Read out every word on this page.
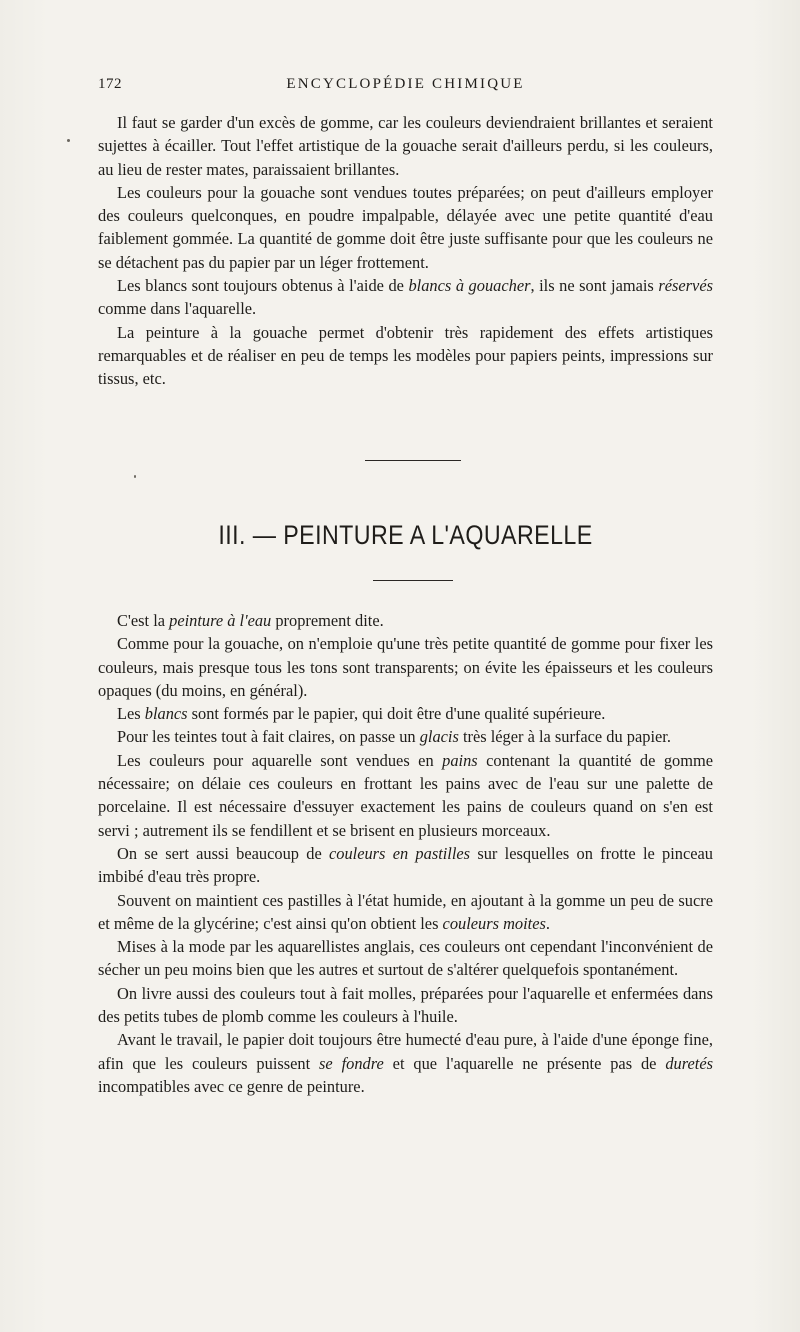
172	ENCYCLOPÉDIE CHIMIQUE

Il faut se garder d'un excès de gomme, car les couleurs deviendraient brillantes et seraient sujettes à écailler. Tout l'effet artistique de la gouache serait d'ailleurs perdu, si les couleurs, au lieu de rester mates, paraissaient brillantes.

Les couleurs pour la gouache sont vendues toutes préparées; on peut d'ailleurs employer des couleurs quelconques, en poudre impalpable, délayée avec une petite quantité d'eau faiblement gommée. La quantité de gomme doit être juste suffisante pour que les couleurs ne se détachent pas du papier par un léger frottement.

Les blancs sont toujours obtenus à l'aide de blancs à gouacher, ils ne sont jamais réservés comme dans l'aquarelle.

La peinture à la gouache permet d'obtenir très rapidement des effets artistiques remarquables et de réaliser en peu de temps les modèles pour papiers peints, impressions sur tissus, etc.

III. — PEINTURE A L'AQUARELLE

C'est la peinture à l'eau proprement dite.

Comme pour la gouache, on n'emploie qu'une très petite quantité de gomme pour fixer les couleurs, mais presque tous les tons sont transparents; on évite les épaisseurs et les couleurs opaques (du moins, en général).

Les blancs sont formés par le papier, qui doit être d'une qualité supérieure.

Pour les teintes tout à fait claires, on passe un glacis très léger à la surface du papier.

Les couleurs pour aquarelle sont vendues en pains contenant la quantité de gomme nécessaire; on délaie ces couleurs en frottant les pains avec de l'eau sur une palette de porcelaine. Il est nécessaire d'essuyer exactement les pains de couleurs quand on s'en est servi ; autrement ils se fendillent et se brisent en plusieurs morceaux.

On se sert aussi beaucoup de couleurs en pastilles sur lesquelles on frotte le pinceau imbibé d'eau très propre.

Souvent on maintient ces pastilles à l'état humide, en ajoutant à la gomme un peu de sucre et même de la glycérine; c'est ainsi qu'on obtient les couleurs moites.

Mises à la mode par les aquarellistes anglais, ces couleurs ont cependant l'inconvénient de sécher un peu moins bien que les autres et surtout de s'altérer quelquefois spontanément.

On livre aussi des couleurs tout à fait molles, préparées pour l'aquarelle et enfermées dans des petits tubes de plomb comme les couleurs à l'huile.

Avant le travail, le papier doit toujours être humecté d'eau pure, à l'aide d'une éponge fine, afin que les couleurs puissent se fondre et que l'aquarelle ne présente pas de duretés incompatibles avec ce genre de peinture.
